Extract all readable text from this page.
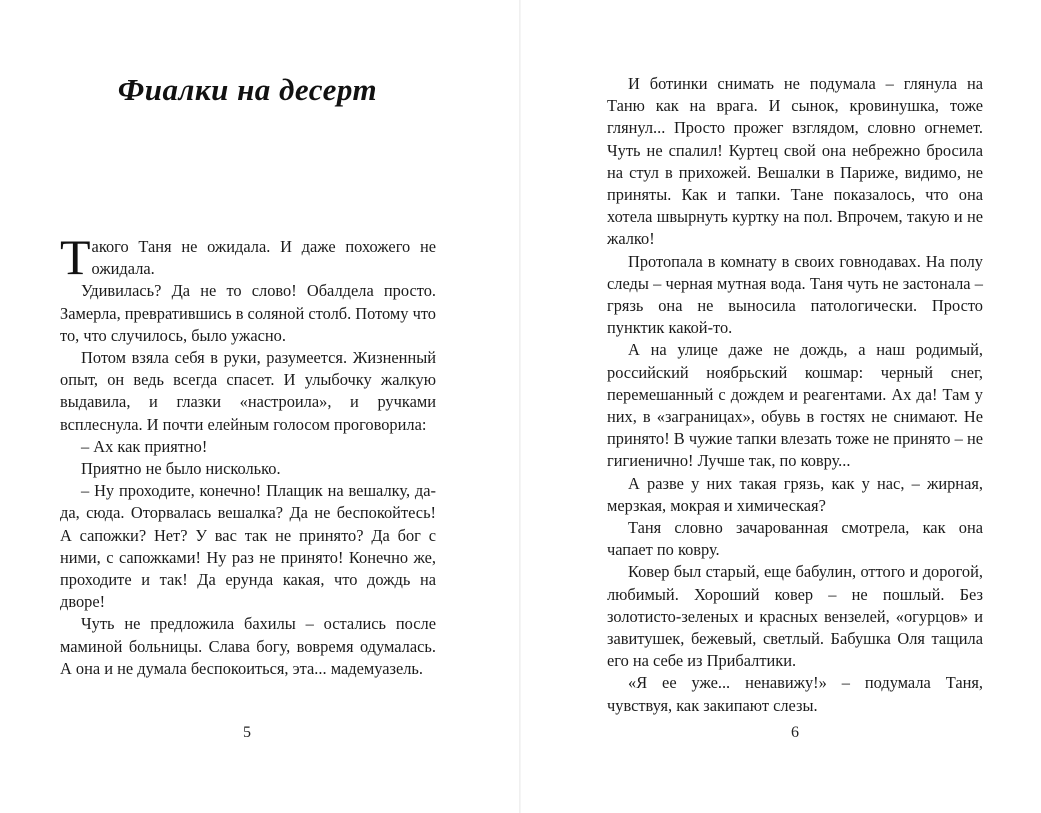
Фиалки на десерт

Такого Таня не ожидала. И даже похожего не ожидала.

Удивилась? Да не то слово! Обалдела просто. Замерла, превратившись в соляной столб. Потому что то, что случилось, было ужасно.

Потом взяла себя в руки, разумеется. Жизненный опыт, он ведь всегда спасет. И улыбочку жалкую выдавила, и глазки «настроила», и ручками всплеснула. И почти елейным голосом проговорила:

– Ах как приятно!

Приятно не было нисколько.

– Ну проходите, конечно! Плащик на вешалку, да-да, сюда. Оторвалась вешалка? Да не беспокойтесь! А сапожки? Нет? У вас так не принято? Да бог с ними, с сапожками! Ну раз не принято! Конечно же, проходите и так! Да ерунда какая, что дождь на дворе!

Чуть не предложила бахилы – остались после маминой больницы. Слава богу, вовремя одумалась. А она и не думала беспокоиться, эта... мадемуазель.

5

И ботинки снимать не подумала – глянула на Таню как на врага. И сынок, кровинушка, тоже глянул... Просто прожег взглядом, словно огнемет. Чуть не спалил! Куртец свой она небрежно бросила на стул в прихожей. Вешалки в Париже, видимо, не приняты. Как и тапки. Тане показалось, что она хотела швырнуть куртку на пол. Впрочем, такую и не жалко!

Протопала в комнату в своих говнодавах. На полу следы – черная мутная вода. Таня чуть не застонала – грязь она не выносила патологически. Просто пунктик какой-то.

А на улице даже не дождь, а наш родимый, российский ноябрьский кошмар: черный снег, перемешанный с дождем и реагентами. Ах да! Там у них, в «заграницах», обувь в гостях не снимают. Не принято! В чужие тапки влезать тоже не принято – не гигиенично! Лучше так, по ковру...

А разве у них такая грязь, как у нас, – жирная, мерзкая, мокрая и химическая?

Таня словно зачарованная смотрела, как она чапает по ковру.

Ковер был старый, еще бабулин, оттого и дорогой, любимый. Хороший ковер – не пошлый. Без золотисто-зеленых и красных вензелей, «огурцов» и завитушек, бежевый, светлый. Бабушка Оля тащила его на себе из Прибалтики.

«Я ее уже... ненавижу!» – подумала Таня, чувствуя, как закипают слезы.

6
